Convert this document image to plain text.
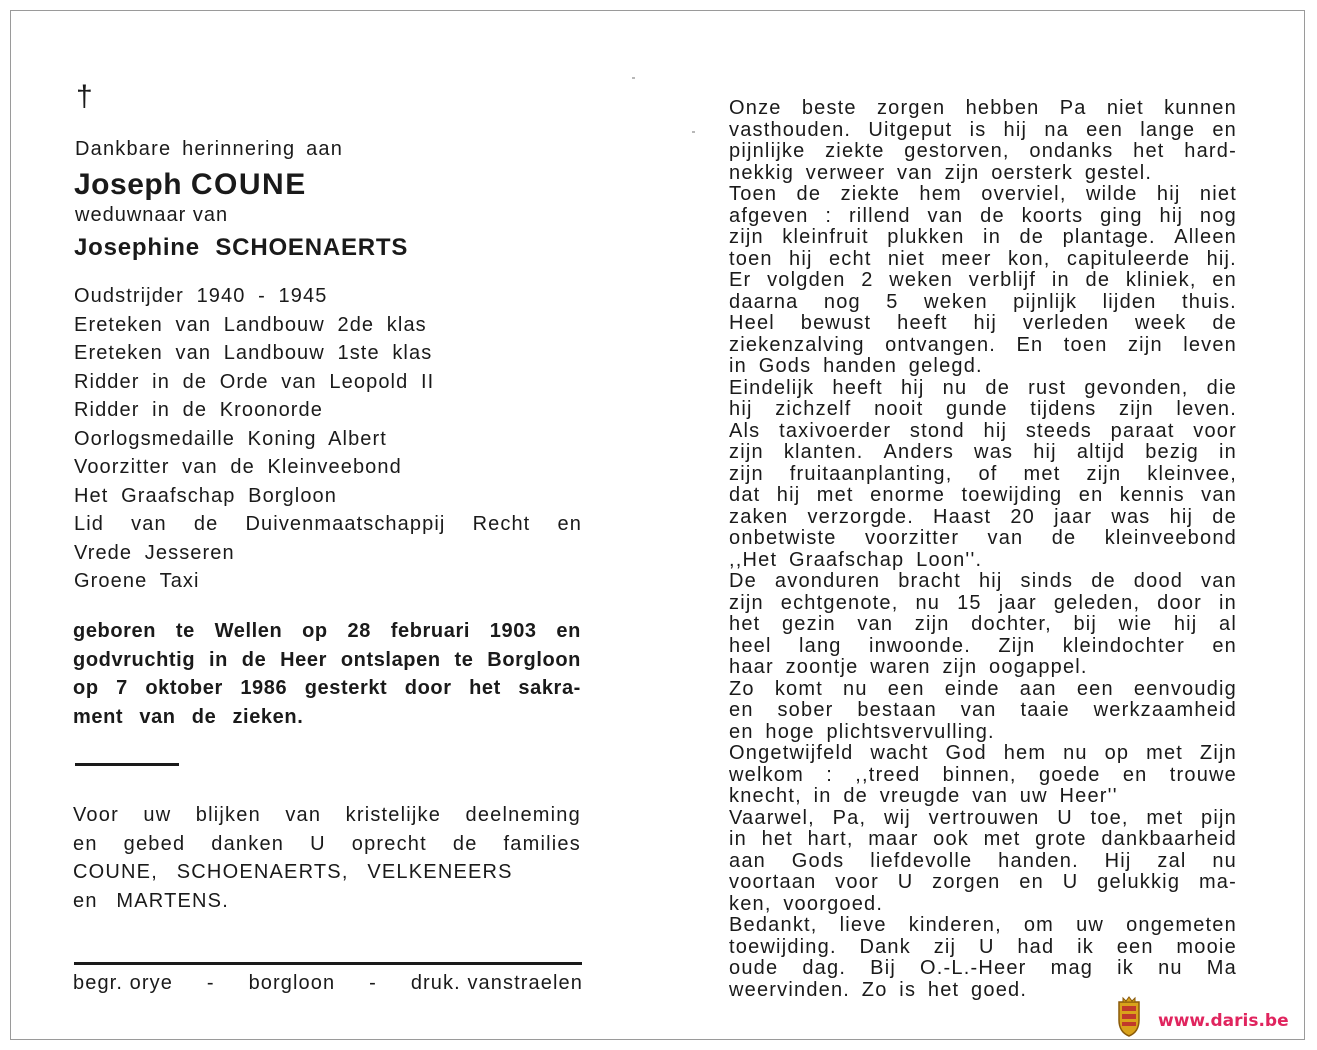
†
Dankbare herinnering aan
Joseph COUNE
weduwnaar van
Josephine SCHOENAERTS
Oudstrijder 1940 - 1945
Ereteken van Landbouw 2de klas
Ereteken van Landbouw 1ste klas
Ridder in de Orde van Leopold II
Ridder in de Kroonorde
Oorlogsmedaille Koning Albert
Voorzitter van de Kleinveebond
Het Graafschap Borgloon
Lid van de Duivenmaatschappij Recht en
Vrede Jesseren
Groene Taxi
geboren te Wellen op 28 februari 1903 en
godvruchtig in de Heer ontslapen te Borgloon
op 7 oktober 1986 gesterkt door het sakra-
ment van de zieken.
Voor uw blijken van kristelijke deelneming
en gebed danken U oprecht de families
COUNE, SCHOENAERTS, VELKENEERS
en MARTENS.
begr. orye - borgloon - druk. vanstraelen
Onze beste zorgen hebben Pa niet kunnen
vasthouden. Uitgeput is hij na een lange en
pijnlijke ziekte gestorven, ondanks het hard-
nekkig verweer van zijn oersterk gestel.
Toen de ziekte hem overviel, wilde hij niet
afgeven : rillend van de koorts ging hij nog
zijn kleinfruit plukken in de plantage. Alleen
toen hij echt niet meer kon, capituleerde hij.
Er volgden 2 weken verblijf in de kliniek, en
daarna nog 5 weken pijnlijk lijden thuis.
Heel bewust heeft hij verleden week de
ziekenzalving ontvangen. En toen zijn leven
in Gods handen gelegd.
Eindelijk heeft hij nu de rust gevonden, die
hij zichzelf nooit gunde tijdens zijn leven.
Als taxivoerder stond hij steeds paraat voor
zijn klanten. Anders was hij altijd bezig in
zijn fruitaanplanting, of met zijn kleinvee,
dat hij met enorme toewijding en kennis van
zaken verzorgde. Haast 20 jaar was hij de
onbetwiste voorzitter van de kleinveebond
,,Het Graafschap Loon''.
De avonduren bracht hij sinds de dood van
zijn echtgenote, nu 15 jaar geleden, door in
het gezin van zijn dochter, bij wie hij al
heel lang inwoonde. Zijn kleindochter en
haar zoontje waren zijn oogappel.
Zo komt nu een einde aan een eenvoudig
en sober bestaan van taaie werkzaamheid
en hoge plichtsvervulling.
Ongetwijfeld wacht God hem nu op met Zijn
welkom : ,,treed binnen, goede en trouwe
knecht, in de vreugde van uw Heer''
Vaarwel, Pa, wij vertrouwen U toe, met pijn
in het hart, maar ook met grote dankbaarheid
aan Gods liefdevolle handen. Hij zal nu
voortaan voor U zorgen en U gelukkig ma-
ken, voorgoed.
Bedankt, lieve kinderen, om uw ongemeten
toewijding. Dank zij U had ik een mooie
oude dag. Bij O.-L.-Heer mag ik nu Ma
weervinden. Zo is het goed.
www.daris.be
